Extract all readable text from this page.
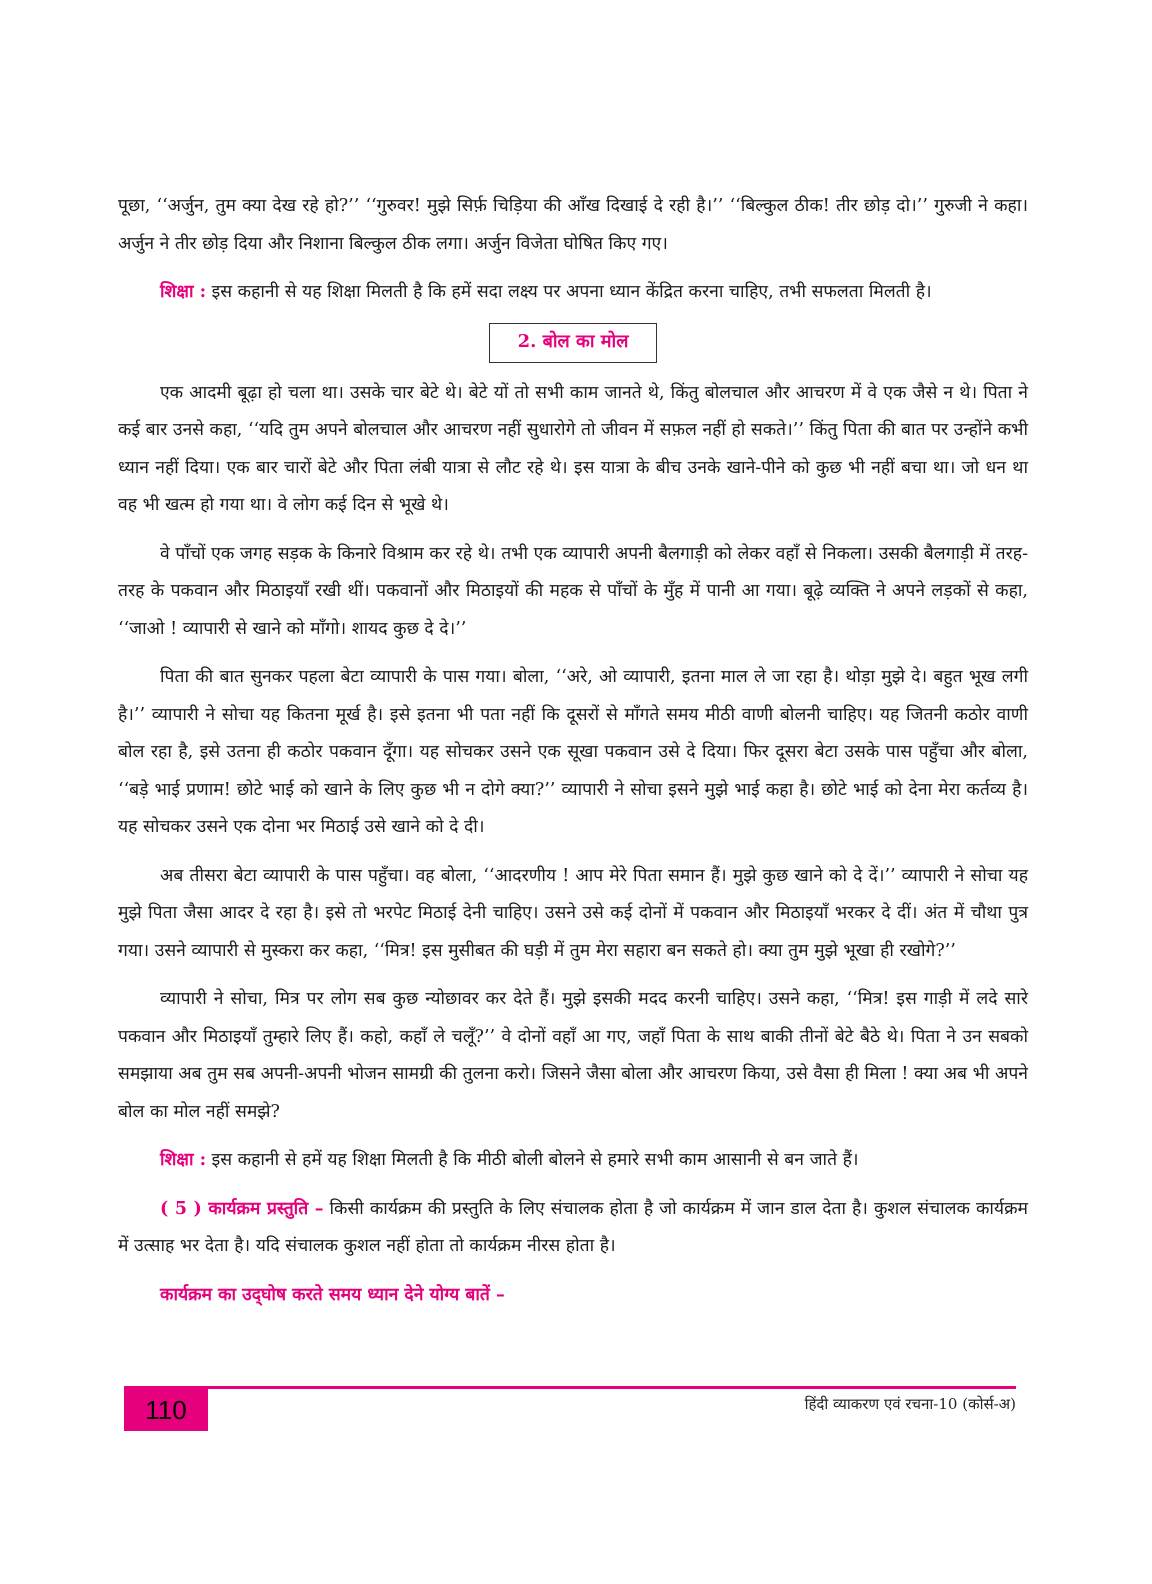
पूछा, ‘‘अर्जुन, तुम क्या देख रहे हो?’’ ‘‘गुरुवर! मुझे सिर्फ़ चिड़िया की आँख दिखाई दे रही है।’’ ‘‘बिल्कुल ठीक! तीर छोड़ दो।’’ गुरुजी ने कहा। अर्जुन ने तीर छोड़ दिया और निशाना बिल्कुल ठीक लगा। अर्जुन विजेता घोषित किए गए।

शिक्षा : इस कहानी से यह शिक्षा मिलती है कि हमें सदा लक्ष्य पर अपना ध्यान केंद्रित करना चाहिए, तभी सफलता मिलती है।

2. बोल का मोल

एक आदमी बूढ़ा हो चला था। उसके चार बेटे थे। बेटे यों तो सभी काम जानते थे, किंतु बोलचाल और आचरण में वे एक जैसे न थे। पिता ने कई बार उनसे कहा, ‘‘यदि तुम अपने बोलचाल और आचरण नहीं सुधारोगे तो जीवन में सफ़ल नहीं हो सकते।’’ किंतु पिता की बात पर उन्होंने कभी ध्यान नहीं दिया। एक बार चारों बेटे और पिता लंबी यात्रा से लौट रहे थे। इस यात्रा के बीच उनके खाने-पीने को कुछ भी नहीं बचा था। जो धन था वह भी खत्म हो गया था। वे लोग कई दिन से भूखे थे।

वे पाँचों एक जगह सड़क के किनारे विश्राम कर रहे थे। तभी एक व्यापारी अपनी बैलगाड़ी को लेकर वहाँ से निकला। उसकी बैलगाड़ी में तरह-तरह के पकवान और मिठाइयाँ रखी थीं। पकवानों और मिठाइयों की महक से पाँचों के मुँह में पानी आ गया। बूढ़े व्यक्ति ने अपने लड़कों से कहा, ‘‘जाओ ! व्यापारी से खाने को माँगो। शायद कुछ दे दे।’’

पिता की बात सुनकर पहला बेटा व्यापारी के पास गया। बोला, ‘‘अरे, ओ व्यापारी, इतना माल ले जा रहा है। थोड़ा मुझे दे। बहुत भूख लगी है।’’ व्यापारी ने सोचा यह कितना मूर्ख है। इसे इतना भी पता नहीं कि दूसरों से माँगते समय मीठी वाणी बोलनी चाहिए। यह जितनी कठोर वाणी बोल रहा है, इसे उतना ही कठोर पकवान दूँगा। यह सोचकर उसने एक सूखा पकवान उसे दे दिया। फिर दूसरा बेटा उसके पास पहुँचा और बोला, ‘‘बड़े भाई प्रणाम! छोटे भाई को खाने के लिए कुछ भी न दोगे क्या?’’ व्यापारी ने सोचा इसने मुझे भाई कहा है। छोटे भाई को देना मेरा कर्तव्य है। यह सोचकर उसने एक दोना भर मिठाई उसे खाने को दे दी।

अब तीसरा बेटा व्यापारी के पास पहुँचा। वह बोला, ‘‘आदरणीय ! आप मेरे पिता समान हैं। मुझे कुछ खाने को दे दें।’’ व्यापारी ने सोचा यह मुझे पिता जैसा आदर दे रहा है। इसे तो भरपेट मिठाई देनी चाहिए। उसने उसे कई दोनों में पकवान और मिठाइयाँ भरकर दे दीं। अंत में चौथा पुत्र गया। उसने व्यापारी से मुस्करा कर कहा, ‘‘मित्र! इस मुसीबत की घड़ी में तुम मेरा सहारा बन सकते हो। क्या तुम मुझे भूखा ही रखोगे?’’

व्यापारी ने सोचा, मित्र पर लोग सब कुछ न्योछावर कर देते हैं। मुझे इसकी मदद करनी चाहिए। उसने कहा, ‘‘मित्र! इस गाड़ी में लदे सारे पकवान और मिठाइयाँ तुम्हारे लिए हैं। कहो, कहाँ ले चलूँ?’’ वे दोनों वहाँ आ गए, जहाँ पिता के साथ बाकी तीनों बेटे बैठे थे। पिता ने उन सबको समझाया अब तुम सब अपनी-अपनी भोजन सामग्री की तुलना करो। जिसने जैसा बोला और आचरण किया, उसे वैसा ही मिला ! क्या अब भी अपने बोल का मोल नहीं समझे?

शिक्षा : इस कहानी से हमें यह शिक्षा मिलती है कि मीठी बोली बोलने से हमारे सभी काम आसानी से बन जाते हैं।

( 5 ) कार्यक्रम प्रस्तुति – किसी कार्यक्रम की प्रस्तुति के लिए संचालक होता है जो कार्यक्रम में जान डाल देता है। कुशल संचालक कार्यक्रम में उत्साह भर देता है। यदि संचालक कुशल नहीं होता तो कार्यक्रम नीरस होता है।

कार्यक्रम का उद्‌घोष करते समय ध्यान देने योग्य बातें –

110	हिंदी व्याकरण एवं रचना-10 (कोर्स-अ)
